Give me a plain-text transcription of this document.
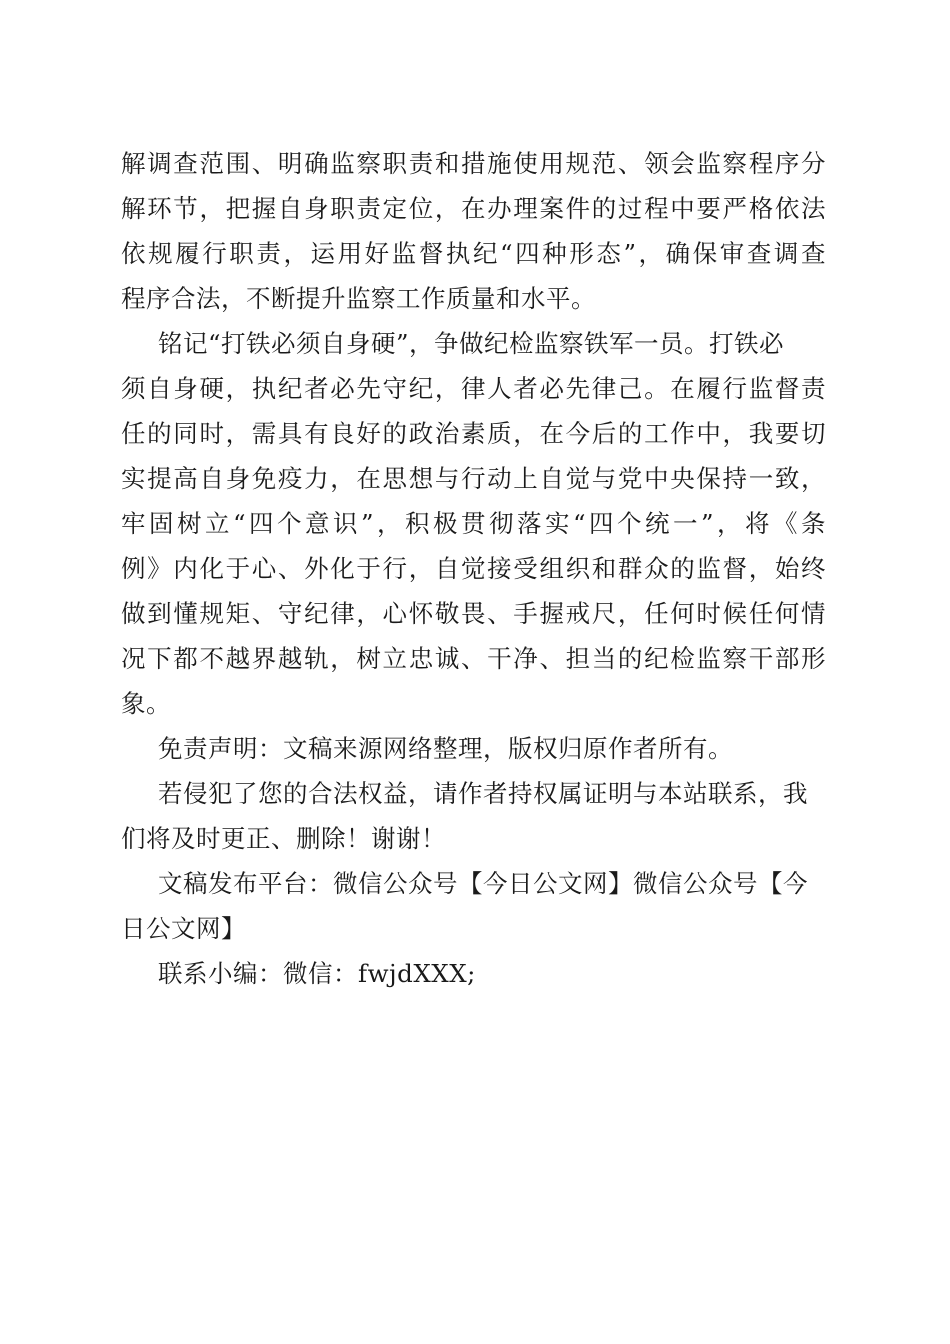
解调查范围、明确监察职责和措施使用规范、领会监察程序分
解环节，把握自身职责定位，在办理案件的过程中要严格依法
依规履行职责，运用好监督执纪“四种形态”，确保审查调查
程序合法，不断提升监察工作质量和水平。
铭记“打铁必须自身硬”，争做纪检监察铁军一员。打铁必
须自身硬，执纪者必先守纪，律人者必先律己。在履行监督责
任的同时，需具有良好的政治素质，在今后的工作中，我要切
实提高自身免疫力，在思想与行动上自觉与党中央保持一致，
牢固树立“四个意识”，积极贯彻落实“四个统一”，将《条
例》内化于心、外化于行，自觉接受组织和群众的监督，始终
做到懂规矩、守纪律，心怀敬畏、手握戒尺，任何时候任何情
况下都不越界越轨，树立忠诚、干净、担当的纪检监察干部形
象。
免责声明：文稿来源网络整理，版权归原作者所有。
若侵犯了您的合法权益，请作者持权属证明与本站联系，我
们将及时更正、删除！谢谢！
文稿发布平台：微信公众号【今日公文网】微信公众号【今
日公文网】
联系小编：微信：fwjdXXX;
